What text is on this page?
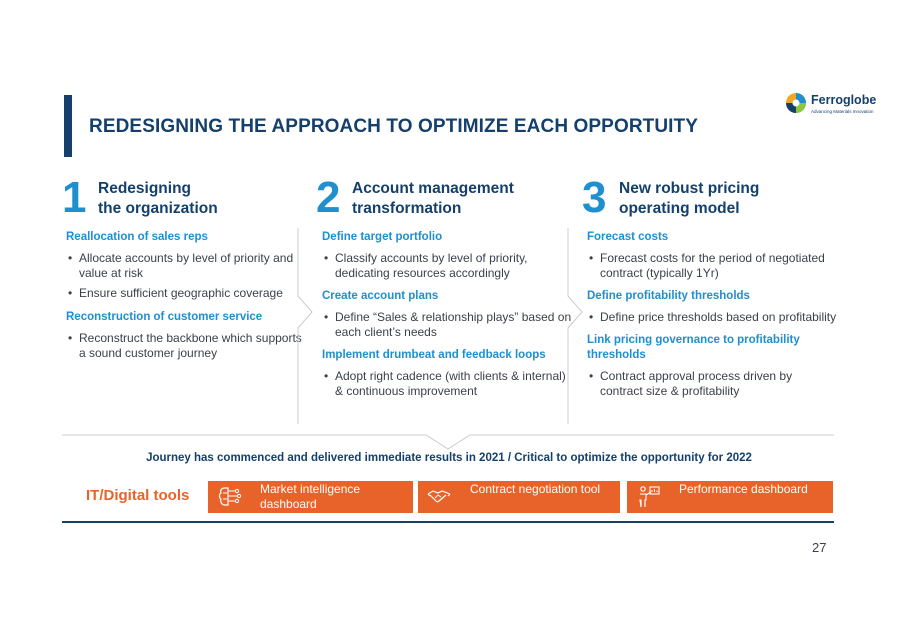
REDESIGNING THE APPROACH TO OPTIMIZE EACH OPPORTUITY
Ferroglobe
Advancing Materials Innovation
1 Redesigning
the organization
Reallocation of sales reps
• Allocate accounts by level of priority and value at risk
• Ensure sufficient geographic coverage
Reconstruction of customer service
• Reconstruct the backbone which supports a sound customer journey
2 Account management
transformation
Define target portfolio
• Classify accounts by level of priority, dedicating resources accordingly
Create account plans
• Define “Sales & relationship plays” based on each client’s needs
Implement drumbeat and feedback loops
• Adopt right cadence (with clients & internal) & continuous improvement
3 New robust pricing
operating model
Forecast costs
• Forecast costs for the period of negotiated contract (typically 1Yr)
Define profitability thresholds
• Define price thresholds based on profitability
Link pricing governance to profitability thresholds
• Contract approval process driven by contract size & profitability
Journey has commenced and delivered immediate results in 2021 / Critical to optimize the opportunity for 2022
IT/Digital tools	Market intelligence dashboard
Contract negotiation tool	Performance dashboard
27
